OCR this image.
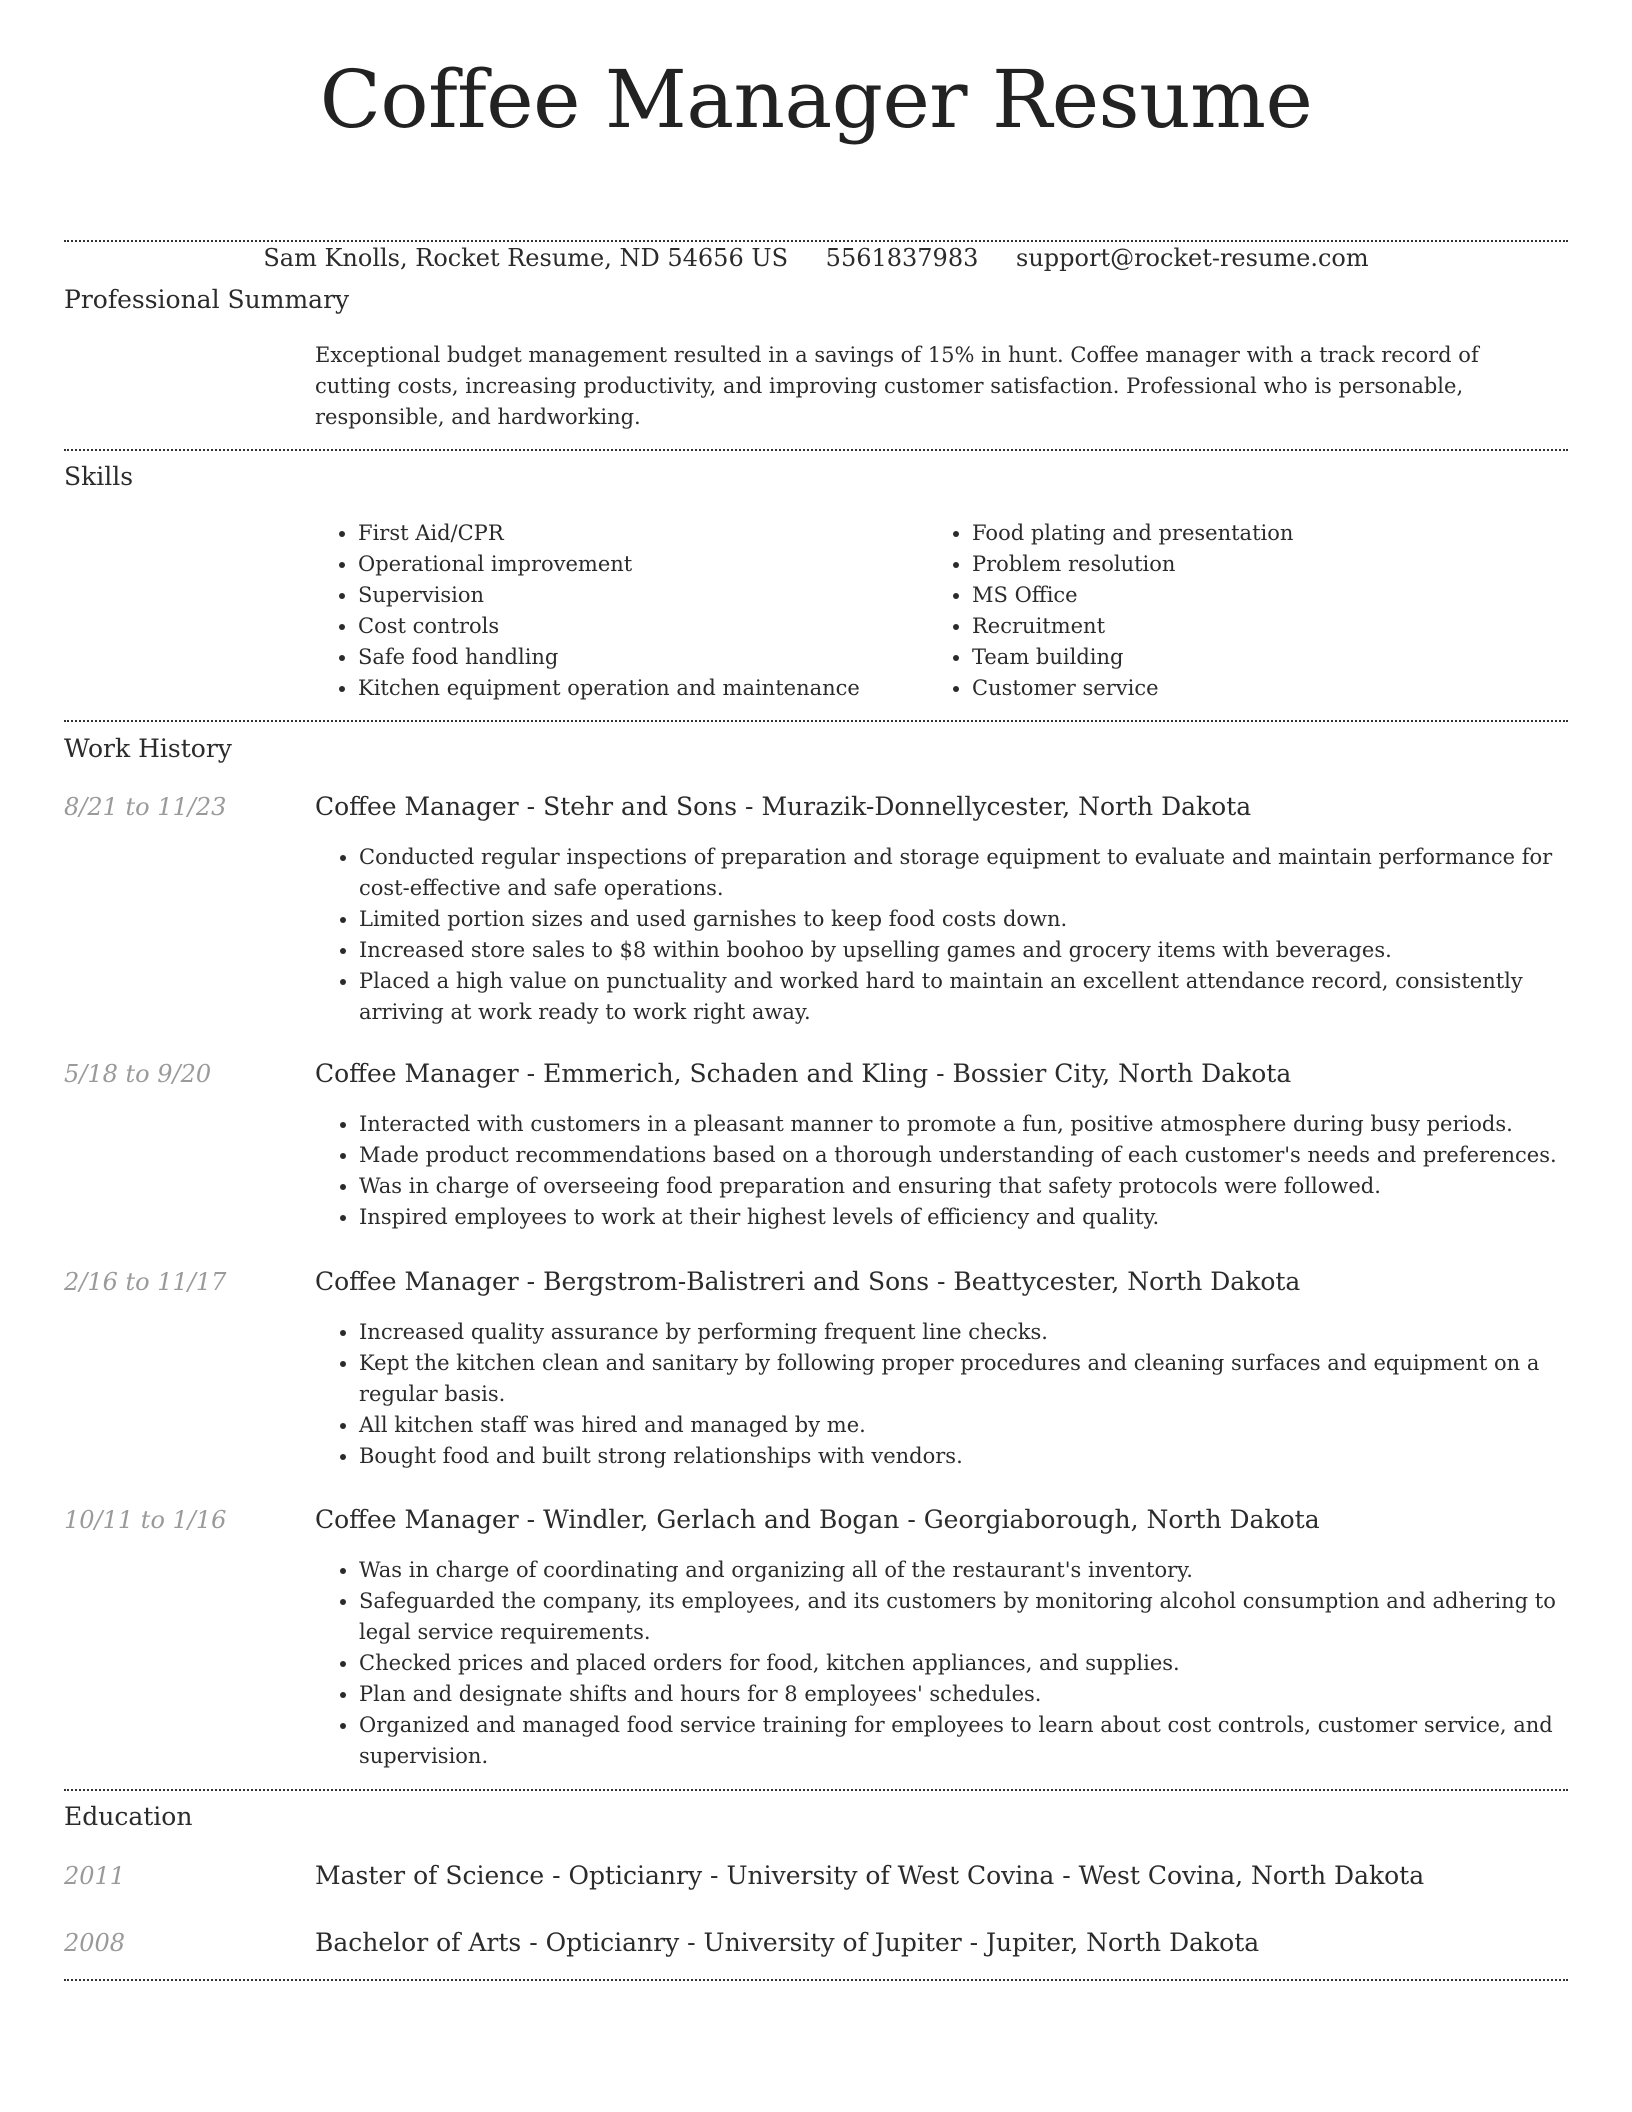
Coffee Manager Resume
Sam Knolls, Rocket Resume, ND 54656 US 5561837983 support@rocket-resume.com
Professional Summary
Exceptional budget management resulted in a savings of 15% in hunt. Coffee manager with a track record of cutting costs, increasing productivity, and improving customer satisfaction. Professional who is personable, responsible, and hardworking.
Skills
• First Aid/CPR
• Operational improvement
• Supervision
• Cost controls
• Safe food handling
• Kitchen equipment operation and maintenance
• Food plating and presentation
• Problem resolution
• MS Office
• Recruitment
• Team building
• Customer service
Work History
8/21 to 11/23	Coffee Manager - Stehr and Sons - Murazik-Donnellycester, North Dakota
• Conducted regular inspections of preparation and storage equipment to evaluate and maintain performance for cost-effective and safe operations.
• Limited portion sizes and used garnishes to keep food costs down.
• Increased store sales to $8 within boohoo by upselling games and grocery items with beverages.
• Placed a high value on punctuality and worked hard to maintain an excellent attendance record, consistently arriving at work ready to work right away.
5/18 to 9/20	Coffee Manager - Emmerich, Schaden and Kling - Bossier City, North Dakota
• Interacted with customers in a pleasant manner to promote a fun, positive atmosphere during busy periods.
• Made product recommendations based on a thorough understanding of each customer's needs and preferences.
• Was in charge of overseeing food preparation and ensuring that safety protocols were followed.
• Inspired employees to work at their highest levels of efficiency and quality.
2/16 to 11/17	Coffee Manager - Bergstrom-Balistreri and Sons - Beattycester, North Dakota
• Increased quality assurance by performing frequent line checks.
• Kept the kitchen clean and sanitary by following proper procedures and cleaning surfaces and equipment on a regular basis.
• All kitchen staff was hired and managed by me.
• Bought food and built strong relationships with vendors.
10/11 to 1/16	Coffee Manager - Windler, Gerlach and Bogan - Georgiaborough, North Dakota
• Was in charge of coordinating and organizing all of the restaurant's inventory.
• Safeguarded the company, its employees, and its customers by monitoring alcohol consumption and adhering to legal service requirements.
• Checked prices and placed orders for food, kitchen appliances, and supplies.
• Plan and designate shifts and hours for 8 employees' schedules.
• Organized and managed food service training for employees to learn about cost controls, customer service, and supervision.
Education
2011	Master of Science - Opticianry - University of West Covina - West Covina, North Dakota
2008	Bachelor of Arts - Opticianry - University of Jupiter - Jupiter, North Dakota
